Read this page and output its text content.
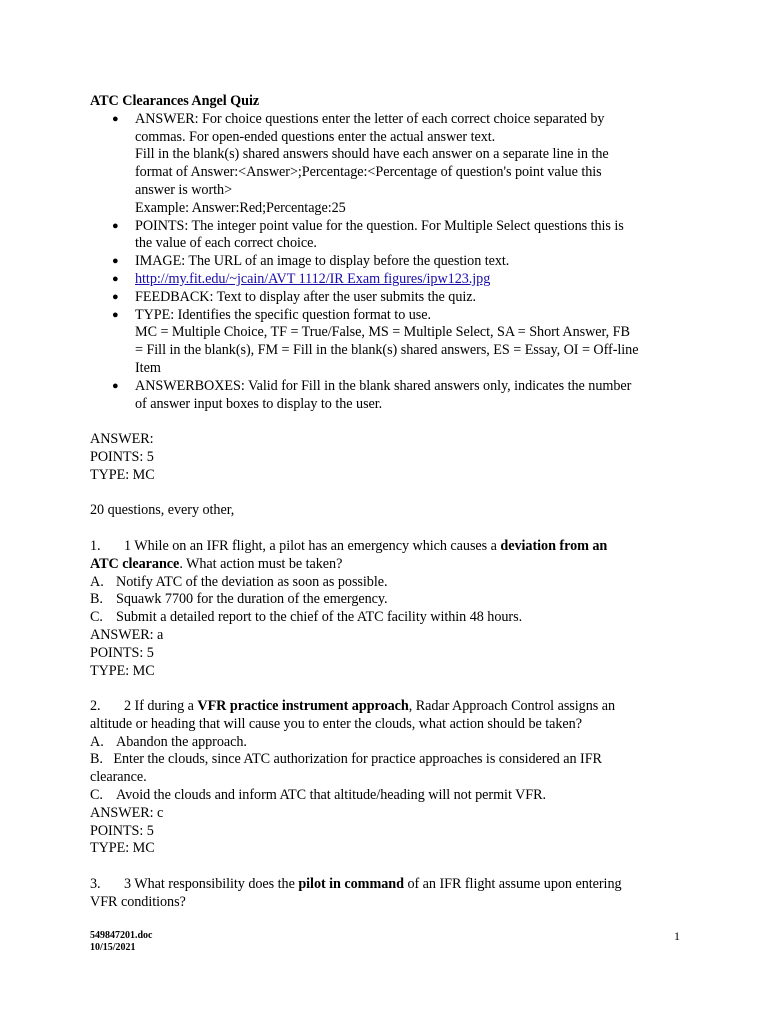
ATC Clearances Angel Quiz
● ANSWER: For choice questions enter the letter of each correct choice separated by
commas. For open-ended questions enter the actual answer text.
Fill in the blank(s) shared answers should have each answer on a separate line in the
format of Answer:<Answer>;Percentage:<Percentage of question's point value this
answer is worth>
Example: Answer:Red;Percentage:25
● POINTS: The integer point value for the question. For Multiple Select questions this is
the value of each correct choice.
● IMAGE: The URL of an image to display before the question text.
● http://my.fit.edu/~jcain/AVT 1112/IR Exam figures/ipw123.jpg
● FEEDBACK: Text to display after the user submits the quiz.
● TYPE: Identifies the specific question format to use.
MC = Multiple Choice, TF = True/False, MS = Multiple Select, SA = Short Answer, FB
= Fill in the blank(s), FM = Fill in the blank(s) shared answers, ES = Essay, OI = Off-line
Item
● ANSWERBOXES: Valid for Fill in the blank shared answers only, indicates the number
of answer input boxes to display to the user.
ANSWER:
POINTS: 5
TYPE: MC
20 questions, every other,
1. 1 While on an IFR flight, a pilot has an emergency which causes a deviation from an
ATC clearance. What action must be taken?
A. Notify ATC of the deviation as soon as possible.
B. Squawk 7700 for the duration of the emergency.
C. Submit a detailed report to the chief of the ATC facility within 48 hours.
ANSWER: a
POINTS: 5
TYPE: MC
2. 2 If during a VFR practice instrument approach, Radar Approach Control assigns an
altitude or heading that will cause you to enter the clouds, what action should be taken?
A. Abandon the approach.
B.   Enter the clouds, since ATC authorization for practice approaches is considered an IFR
clearance.
C. Avoid the clouds and inform ATC that altitude/heading will not permit VFR.
ANSWER: c
POINTS: 5
TYPE: MC
3. 3 What responsibility does the pilot in command of an IFR flight assume upon entering
VFR conditions?
549847201.doc
10/15/2021
1
